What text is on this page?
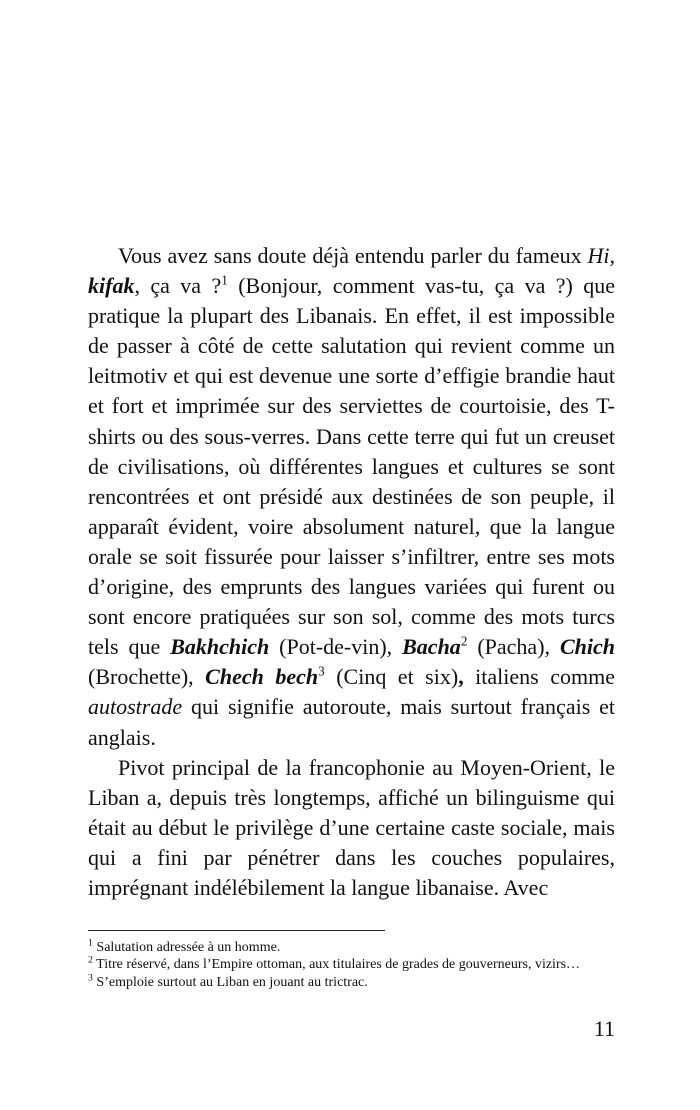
Vous avez sans doute déjà entendu parler du fameux Hi, kifak, ça va ?$^1$ (Bonjour, comment vas-tu, ça va ?) que pratique la plupart des Libanais. En effet, il est impossible de passer à côté de cette salutation qui revient comme un leitmotiv et qui est devenue une sorte d’effigie brandie haut et fort et imprimée sur des serviettes de courtoisie, des T-shirts ou des sous-verres. Dans cette terre qui fut un creuset de civilisations, où différentes langues et cultures se sont rencontrées et ont présidé aux destinées de son peuple, il apparaît évident, voire absolument naturel, que la langue orale se soit fissurée pour laisser s’infiltrer, entre ses mots d’origine, des emprunts des langues variées qui furent ou sont encore pratiquées sur son sol, comme des mots turcs tels que Bakhchich (Pot-de-vin), Bacha$^2$ (Pacha), Chich (Brochette), Chech bech$^3$ (Cinq et six), italiens comme autostrade qui signifie autoroute, mais surtout français et anglais.

Pivot principal de la francophonie au Moyen-Orient, le Liban a, depuis très longtemps, affiché un bilinguisme qui était au début le privilège d’une certaine caste sociale, mais qui a fini par pénétrer dans les couches populaires, imprégnant indélébilement la langue libanaise. Avec

$^1$ Salutation adressée à un homme.
$^2$ Titre réservé, dans l’Empire ottoman, aux titulaires de grades de gouverneurs, vizirs…
$^3$ S’emploie surtout au Liban en jouant au trictrac.
11
